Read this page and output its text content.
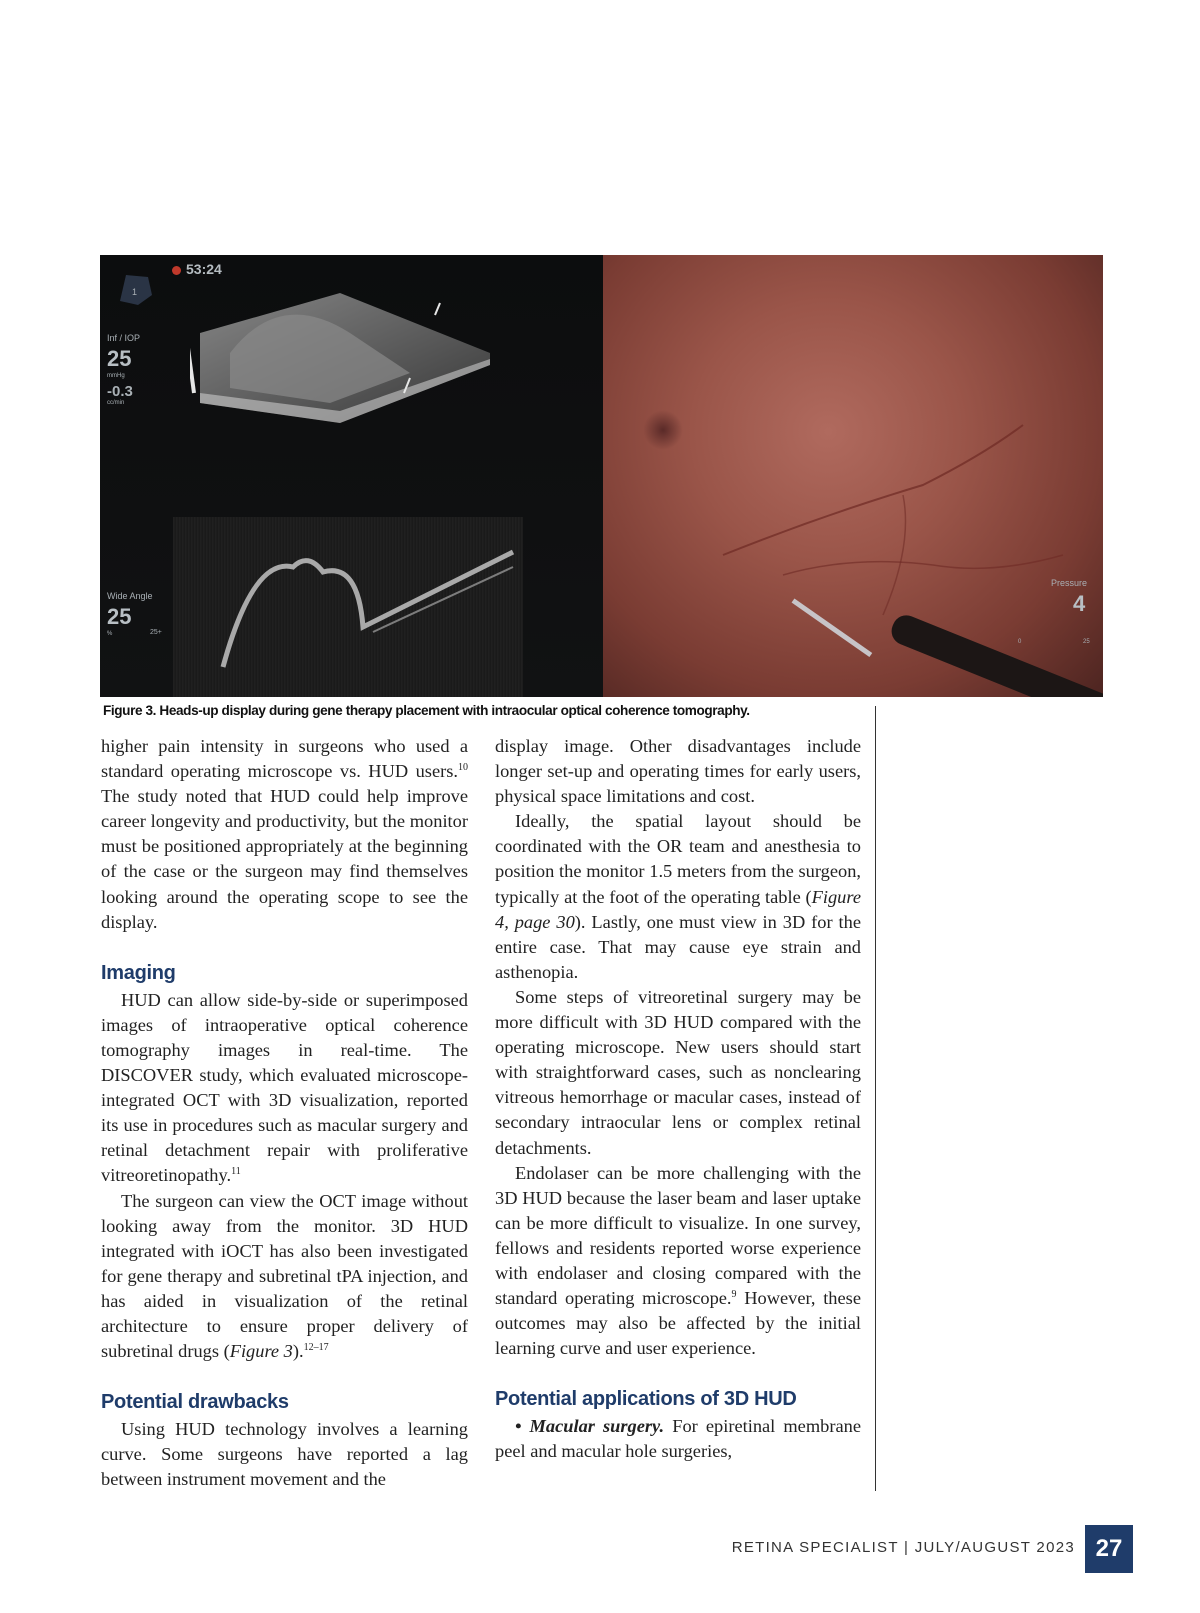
53:24
1
Inf / IOP
25
mmHg
-0.3
cc/min
Wide Angle
25
%	25+
Pressure
4
0	25
Figure 3. Heads-up display during gene therapy placement with intraocular optical coherence tomography.

higher pain intensity in surgeons who used a standard operating microscope vs. HUD users.$^{10}$ The study noted that HUD could help improve career longevity and productivity, but the monitor must be positioned appropriately at the beginning of the case or the surgeon may find themselves looking around the operating scope to see the display.

Imaging

HUD can allow side-by-side or superimposed images of intraoperative optical coherence tomography images in real-time. The DISCOVER study, which evaluated microscope-integrated OCT with 3D visualization, reported its use in procedures such as macular surgery and retinal detachment repair with proliferative vitreoretinopathy.$^{11}$

The surgeon can view the OCT image without looking away from the monitor. 3D HUD integrated with iOCT has also been investigated for gene therapy and subretinal tPA injection, and has aided in visualization of the retinal architecture to ensure proper delivery of subretinal drugs (Figure 3).$^{12-17}$

Potential drawbacks

Using HUD technology involves a learning curve. Some surgeons have reported a lag between instrument movement and the

display image. Other disadvantages include longer set-up and operating times for early users, physical space limitations and cost.

Ideally, the spatial layout should be coordinated with the OR team and anesthesia to position the monitor 1.5 meters from the surgeon, typically at the foot of the operating table (Figure 4, page 30). Lastly, one must view in 3D for the entire case. That may cause eye strain and asthenopia.

Some steps of vitreoretinal surgery may be more difficult with 3D HUD compared with the operating microscope. New users should start with straightforward cases, such as nonclearing vitreous hemorrhage or macular cases, instead of secondary intraocular lens or complex retinal detachments.

Endolaser can be more challenging with the 3D HUD because the laser beam and laser uptake can be more difficult to visualize. In one survey, fellows and residents reported worse experience with endolaser and closing compared with the standard operating microscope.$^9$ However, these outcomes may also be affected by the initial learning curve and user experience.

Potential applications of 3D HUD

• Macular surgery. For epiretinal membrane peel and macular hole surgeries,

RETINA SPECIALIST | JULY/AUGUST 2023 27
